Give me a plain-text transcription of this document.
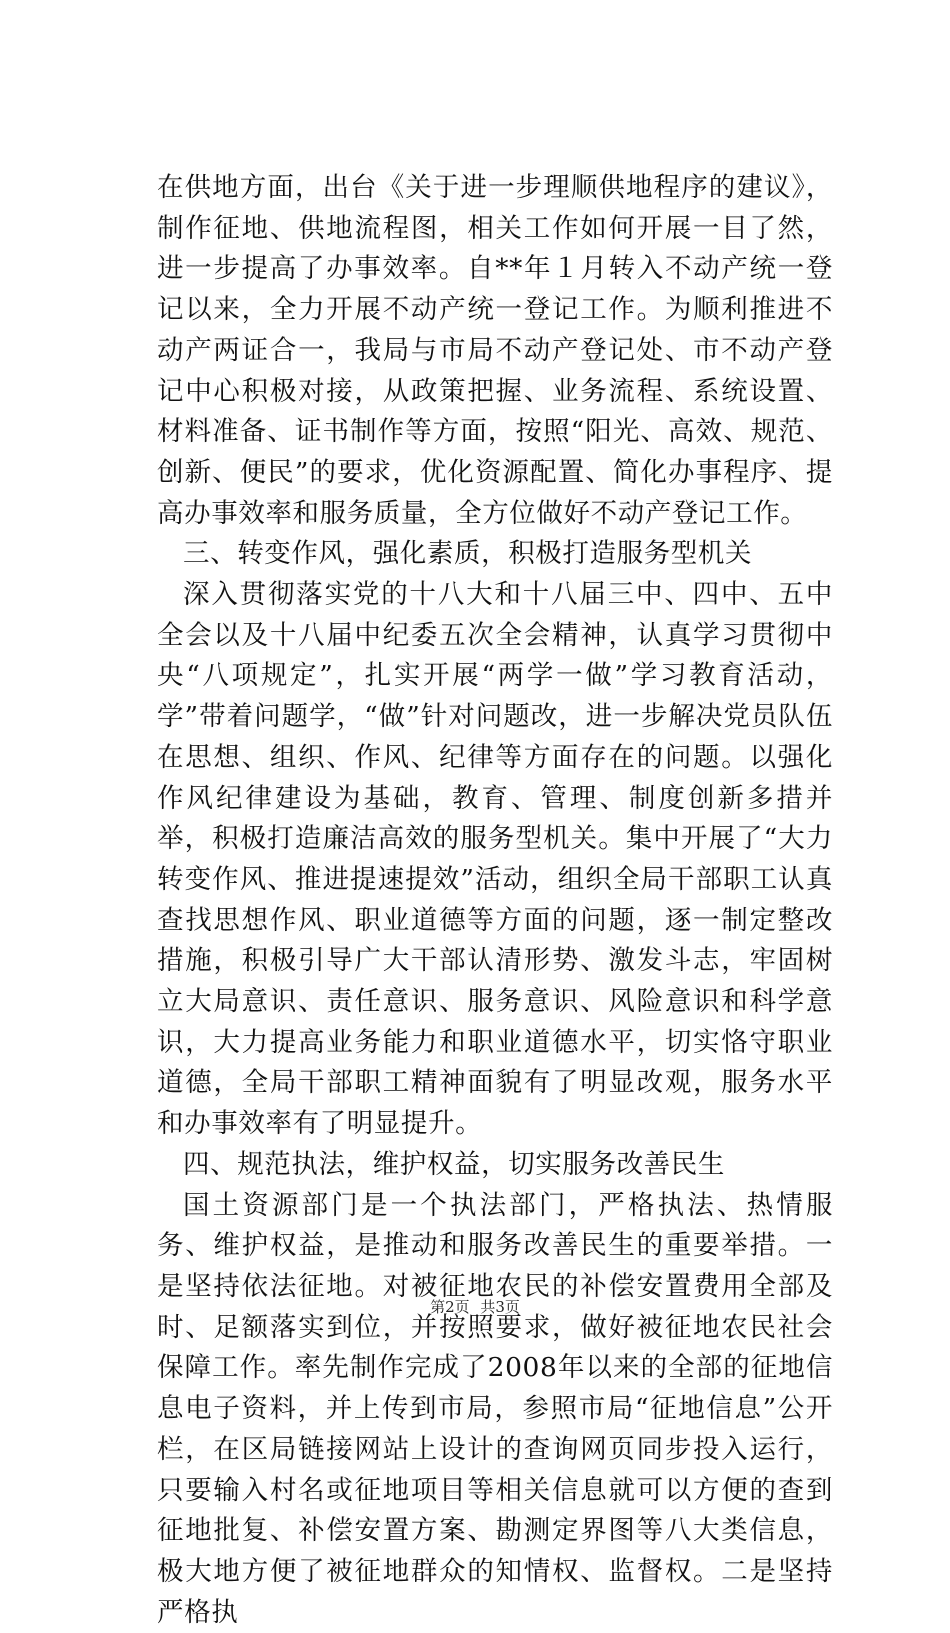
在供地方面，出台《关于进一步理顺供地程序的建议》，制作征地、供地流程图，相关工作如何开展一目了然，进一步提高了办事效率。自**年１月转入不动产统一登记以来，全力开展不动产统一登记工作。为顺利推进不动产两证合一，我局与市局不动产登记处、市不动产登记中心积极对接，从政策把握、业务流程、系统设置、材料准备、证书制作等方面，按照“阳光、高效、规范、创新、便民”的要求，优化资源配置、简化办事程序、提高办事效率和服务质量，全方位做好不动产登记工作。

三、转变作风，强化素质，积极打造服务型机关

深入贯彻落实党的十八大和十八届三中、四中、五中全会以及十八届中纪委五次全会精神，认真学习贯彻中央“八项规定”，扎实开展“两学一做”学习教育活动，学”带着问题学，“做”针对问题改，进一步解决党员队伍在思想、组织、作风、纪律等方面存在的问题。以强化作风纪律建设为基础，教育、管理、制度创新多措并举，积极打造廉洁高效的服务型机关。集中开展了“大力转变作风、推进提速提效”活动，组织全局干部职工认真查找思想作风、职业道德等方面的问题，逐一制定整改措施，积极引导广大干部认清形势、激发斗志，牢固树立大局意识、责任意识、服务意识、风险意识和科学意识，大力提高业务能力和职业道德水平，切实恪守职业道德，全局干部职工精神面貌有了明显改观，服务水平和办事效率有了明显提升。

四、规范执法，维护权益，切实服务改善民生

国土资源部门是一个执法部门，严格执法、热情服务、维护权益，是推动和服务改善民生的重要举措。一是坚持依法征地。对被征地农民的补偿安置费用全部及时、足额落实到位，并按照要求，做好被征地农民社会保障工作。率先制作完成了2008年以来的全部的征地信息电子资料，并上传到市局，参照市局“征地信息”公开栏，在区局链接网站上设计的查询网页同步投入运行，只要输入村名或征地项目等相关信息就可以方便的查到征地批复、补偿安置方案、勘测定界图等八大类信息，极大地方便了被征地群众的知情权、监督权。二是坚持严格执

第2页 共3页
